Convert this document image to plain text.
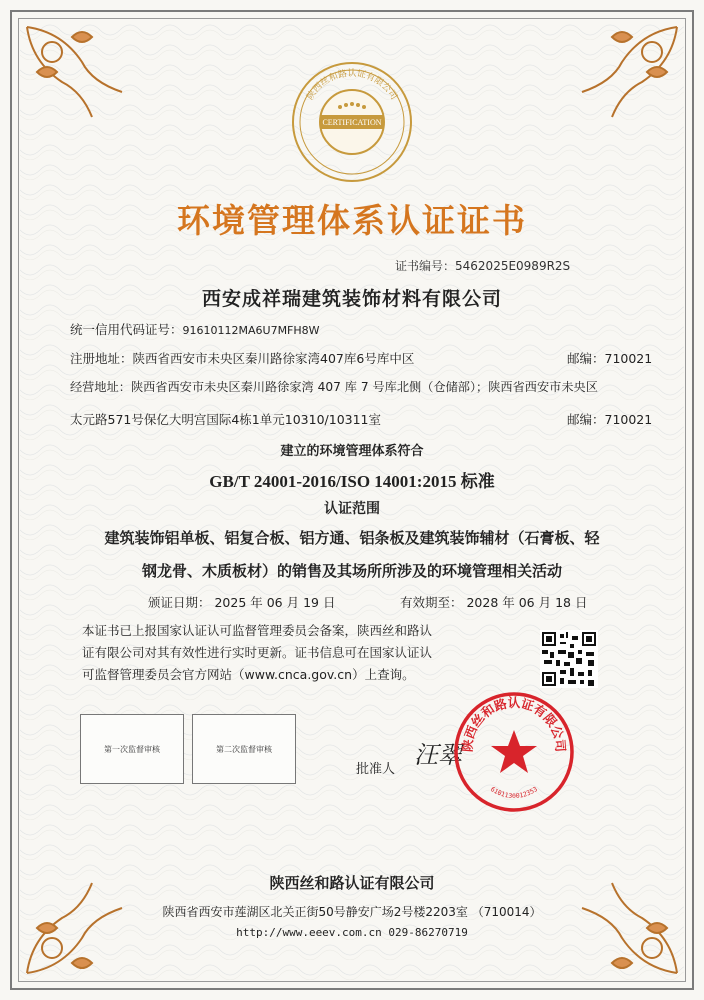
陕西丝和路认证有限公司
CERTIFICATION
环境管理体系认证证书
证书编号：5462025E0989R2S
西安成祥瑞建筑装饰材料有限公司
统一信用代码证号：91610112MA6U7MFH8W
注册地址：陕西省西安市未央区秦川路徐家湾407库6号库中区	邮编：710021
经营地址：陕西省西安市未央区秦川路徐家湾 407 库 7 号库北侧（仓储部）；陕西省西安市未央区
太元路571号保亿大明宫国际4栋1单元10310/10311室	邮编：710021
建立的环境管理体系符合
GB/T 24001-2016/ISO 14001:2015 标准
认证范围
建筑装饰铝单板、铝复合板、铝方通、铝条板及建筑装饰辅材（石膏板、轻
钢龙骨、木质板材）的销售及其场所所涉及的环境管理相关活动
颁证日期： 2025 年 06 月 19 日	有效期至： 2028 年 06 月 18 日
本证书已上报国家认证认可监督管理委员会备案，陕西丝和路认
证有限公司对其有效性进行实时更新。证书信息可在国家认证认
可监督管理委员会官方网站（www.cnca.gov.cn）上查询。
第一次监督审核	第二次监督审核
批准人
汪翠
陕西丝和路认证有限公司
6101130012353
陕西丝和路认证有限公司
陕西省西安市莲湖区北关正街50号静安广场2号楼2203室 （710014）
http://www.eeev.com.cn 029-86270719
